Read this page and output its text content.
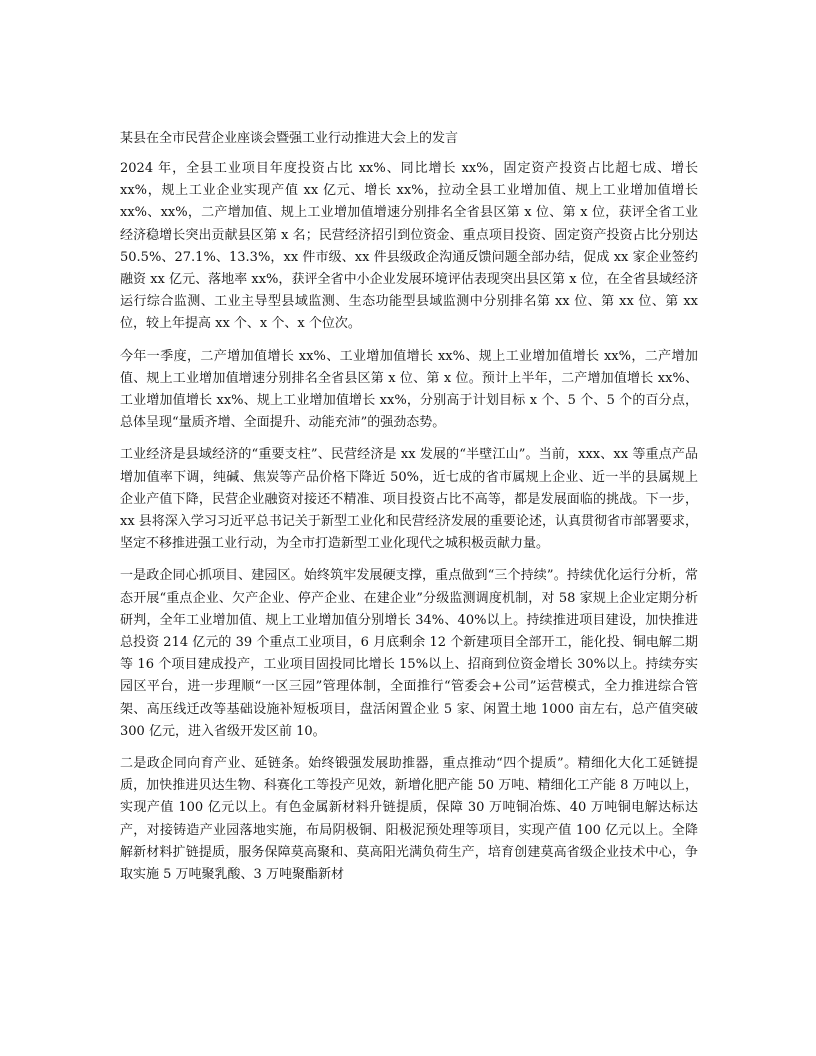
某县在全市民营企业座谈会暨强工业行动推进大会上的发言

2024 年，全县工业项目年度投资占比 xx%、同比增长 xx%，固定资产投资占比超七成、增长 xx%，规上工业企业实现产值 xx 亿元、增长 xx%，拉动全县工业增加值、规上工业增加值增长 xx%、xx%，二产增加值、规上工业增加值增速分别排名全省县区第 x 位、第 x 位，获评全省工业经济稳增长突出贡献县区第 x 名；民营经济招引到位资金、重点项目投资、固定资产投资占比分别达 50.5%、27.1%、13.3%，xx 件市级、xx 件县级政企沟通反馈问题全部办结，促成 xx 家企业签约融资 xx 亿元、落地率 xx%，获评全省中小企业发展环境评估表现突出县区第 x 位，在全省县域经济运行综合监测、工业主导型县域监测、生态功能型县域监测中分别排名第 xx 位、第 xx 位、第 xx 位，较上年提高 xx 个、x 个、x 个位次。

今年一季度，二产增加值增长 xx%、工业增加值增长 xx%、规上工业增加值增长 xx%，二产增加值、规上工业增加值增速分别排名全省县区第 x 位、第 x 位。预计上半年，二产增加值增长 xx%、工业增加值增长 xx%、规上工业增加值增长 xx%，分别高于计划目标 x 个、5 个、5 个的百分点，总体呈现“量质齐增、全面提升、动能充沛”的强劲态势。

工业经济是县域经济的“重要支柱”、民营经济是 xx 发展的“半壁江山”。当前，xxx、xx 等重点产品增加值率下调，纯碱、焦炭等产品价格下降近 50%，近七成的省市属规上企业、近一半的县属规上企业产值下降，民营企业融资对接还不精准、项目投资占比不高等，都是发展面临的挑战。下一步，xx 县将深入学习习近平总书记关于新型工业化和民营经济发展的重要论述，认真贯彻省市部署要求，坚定不移推进强工业行动，为全市打造新型工业化现代之城积极贡献力量。

一是政企同心抓项目、建园区。始终筑牢发展硬支撑，重点做到“三个持续”。持续优化运行分析，常态开展“重点企业、欠产企业、停产企业、在建企业”分级监测调度机制，对 58 家规上企业定期分析研判，全年工业增加值、规上工业增加值分别增长 34%、40%以上。持续推进项目建设，加快推进总投资 214 亿元的 39 个重点工业项目，6 月底剩余 12 个新建项目全部开工，能化投、铜电解二期等 16 个项目建成投产，工业项目固投同比增长 15%以上、招商到位资金增长 30%以上。持续夯实园区平台，进一步理顺“一区三园”管理体制，全面推行“管委会+公司”运营模式，全力推进综合管架、高压线迁改等基础设施补短板项目，盘活闲置企业 5 家、闲置土地 1000 亩左右，总产值突破 300 亿元，进入省级开发区前 10。

二是政企同向育产业、延链条。始终锻强发展助推器，重点推动“四个提质”。精细化大化工延链提质，加快推进贝达生物、科赛化工等投产见效，新增化肥产能 50 万吨、精细化工产能 8 万吨以上，实现产值 100 亿元以上。有色金属新材料升链提质，保障 30 万吨铜冶炼、40 万吨铜电解达标达产，对接铸造产业园落地实施，布局阴极铜、阳极泥预处理等项目，实现产值 100 亿元以上。全降解新材料扩链提质，服务保障莫高聚和、莫高阳光满负荷生产，培育创建莫高省级企业技术中心，争取实施 5 万吨聚乳酸、3 万吨聚酯新材
